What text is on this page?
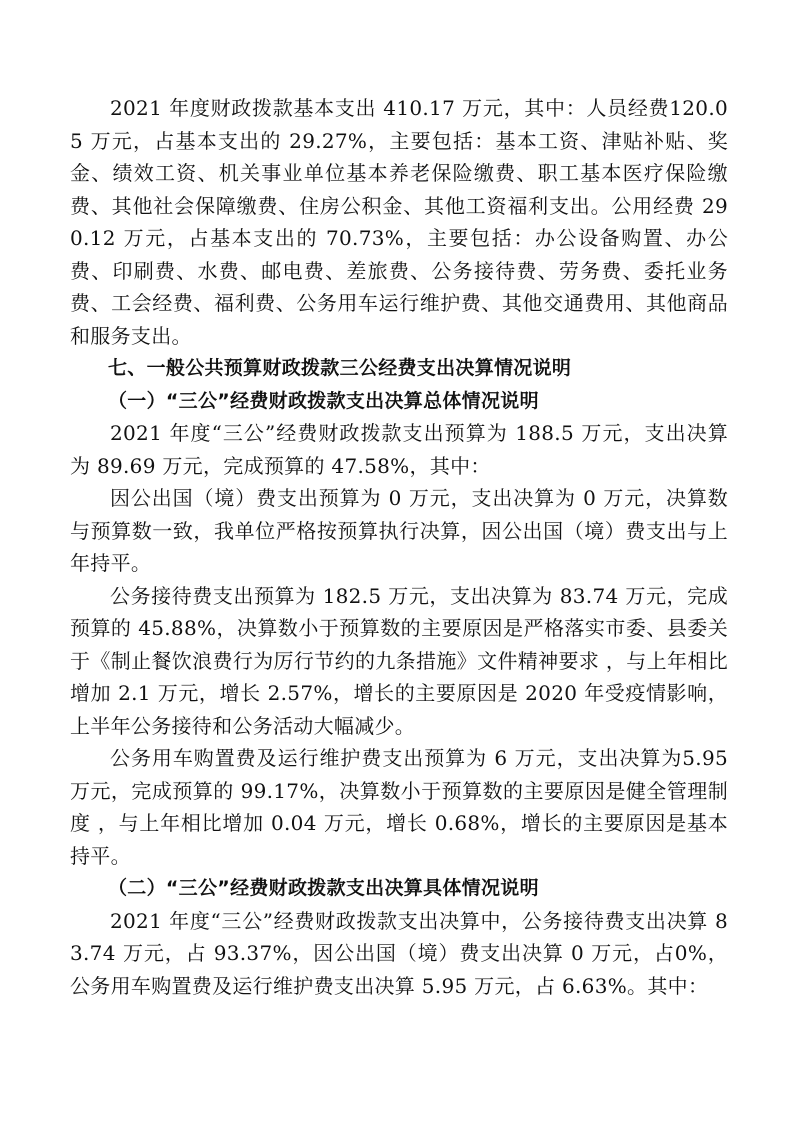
2021 年度财政拨款基本支出 410.17 万元，其中：人员经费120.05 万元，占基本支出的 29.27%，主要包括：基本工资、津贴补贴、奖金、绩效工资、机关事业单位基本养老保险缴费、职工基本医疗保险缴费、其他社会保障缴费、住房公积金、其他工资福利支出。公用经费 290.12 万元，占基本支出的 70.73%，主要包括：办公设备购置、办公费、印刷费、水费、邮电费、差旅费、公务接待费、劳务费、委托业务费、工会经费、福利费、公务用车运行维护费、其他交通费用、其他商品和服务支出。

七、一般公共预算财政拨款三公经费支出决算情况说明

（一）“三公”经费财政拨款支出决算总体情况说明

2021 年度“三公”经费财政拨款支出预算为 188.5 万元，支出决算为 89.69 万元，完成预算的 47.58%，其中：

因公出国（境）费支出预算为 0 万元，支出决算为 0 万元，决算数与预算数一致，我单位严格按预算执行决算，因公出国（境）费支出与上年持平。

公务接待费支出预算为 182.5 万元，支出决算为 83.74 万元，完成预算的 45.88%，决算数小于预算数的主要原因是严格落实市委、县委关于《制止餐饮浪费行为厉行节约的九条措施》文件精神要求 ，与上年相比增加 2.1 万元，增长 2.57%，增长的主要原因是 2020 年受疫情影响，上半年公务接待和公务活动大幅减少。

公务用车购置费及运行维护费支出预算为 6 万元，支出决算为5.95 万元，完成预算的 99.17%，决算数小于预算数的主要原因是健全管理制度 ，与上年相比增加 0.04 万元，增长 0.68%，增长的主要原因是基本持平。

（二）“三公”经费财政拨款支出决算具体情况说明

2021 年度“三公”经费财政拨款支出决算中，公务接待费支出决算 83.74 万元，占 93.37%，因公出国（境）费支出决算 0 万元，占0%，公务用车购置费及运行维护费支出决算 5.95 万元，占 6.63%。其中：
